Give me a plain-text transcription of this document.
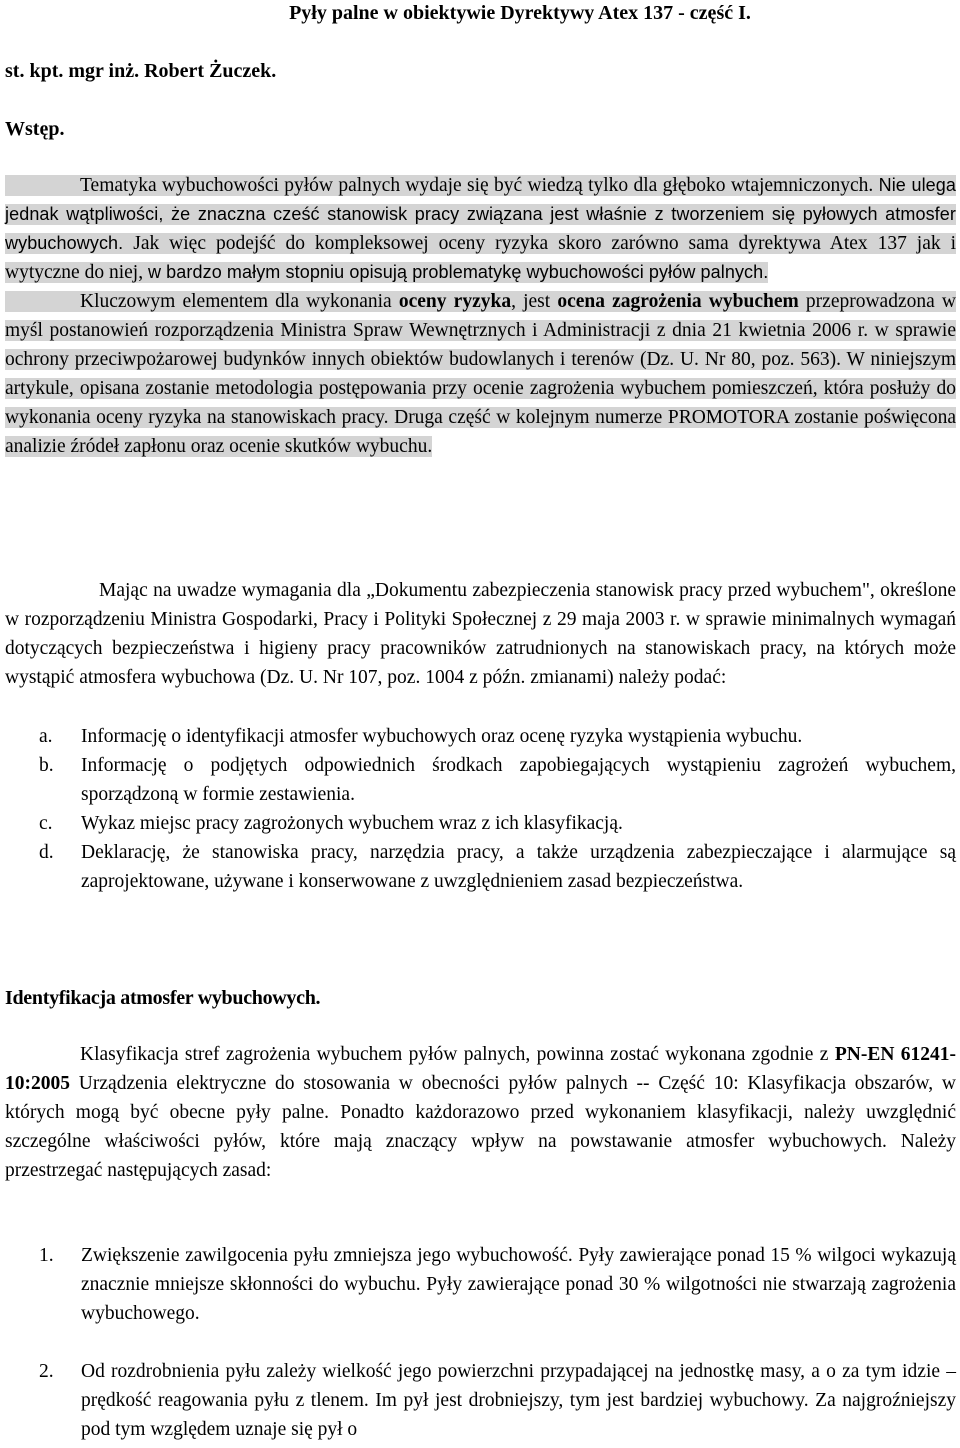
Pyły palne w obiektywie Dyrektywy Atex 137 - część I.

st. kpt. mgr inż. Robert Żuczek.

Wstęp.

Tematyka wybuchowości pyłów palnych wydaje się być wiedzą tylko dla głęboko wtajemniczonych. Nie ulega jednak wątpliwości, że znaczna cześć stanowisk pracy związana jest właśnie z tworzeniem się pyłowych atmosfer wybuchowych. Jak więc podejść do kompleksowej oceny ryzyka skoro zarówno sama dyrektywa Atex 137 jak i wytyczne do niej, w bardzo małym stopniu opisują problematykę wybuchowości pyłów palnych.
Kluczowym elementem dla wykonania oceny ryzyka, jest ocena zagrożenia wybuchem przeprowadzona w myśl postanowień rozporządzenia Ministra Spraw Wewnętrznych i Administracji z dnia 21 kwietnia 2006 r. w sprawie ochrony przeciwpożarowej budynków innych obiektów budowlanych i terenów (Dz. U. Nr 80, poz. 563). W niniejszym artykule, opisana zostanie metodologia postępowania przy ocenie zagrożenia wybuchem pomieszczeń, która posłuży do wykonania oceny ryzyka na stanowiskach pracy. Druga część w kolejnym numerze PROMOTORA zostanie poświęcona analizie źródeł zapłonu oraz ocenie skutków wybuchu.

Mając na uwadze wymagania dla „Dokumentu zabezpieczenia stanowisk pracy przed wybuchem", określone w rozporządzeniu Ministra Gospodarki, Pracy i Polityki Społecznej z 29 maja 2003 r. w sprawie minimalnych wymagań dotyczących bezpieczeństwa i higieny pracy pracowników zatrudnionych na stanowiskach pracy, na których może wystąpić atmosfera wybuchowa (Dz. U. Nr 107, poz. 1004 z późn. zmianami) należy podać:

a. Informację o identyfikacji atmosfer wybuchowych oraz ocenę ryzyka wystąpienia wybuchu.
b. Informację o podjętych odpowiednich środkach zapobiegających wystąpieniu zagrożeń wybuchem, sporządzoną w formie zestawienia.
c. Wykaz miejsc pracy zagrożonych wybuchem wraz z ich klasyfikacją.
d. Deklarację, że stanowiska pracy, narzędzia pracy, a także urządzenia zabezpieczające i alarmujące są zaprojektowane, używane i konserwowane z uwzględnieniem zasad bezpieczeństwa.
Identyfikacja atmosfer wybuchowych.

Klasyfikacja stref zagrożenia wybuchem pyłów palnych, powinna zostać wykonana zgodnie z PN-EN 61241-10:2005 Urządzenia elektryczne do stosowania w obecności pyłów palnych -- Część 10: Klasyfikacja obszarów, w których mogą być obecne pyły palne. Ponadto każdorazowo przed wykonaniem klasyfikacji, należy uwzględnić szczególne właściwości pyłów, które mają znaczący wpływ na powstawanie atmosfer wybuchowych. Należy przestrzegać następujących zasad:

1. Zwiększenie zawilgocenia pyłu zmniejsza jego wybuchowość. Pyły zawierające ponad 15 % wilgoci wykazują znacznie mniejsze skłonności do wybuchu. Pyły zawierające ponad 30 % wilgotności nie stwarzają zagrożenia wybuchowego.
2. Od rozdrobnienia pyłu zależy wielkość jego powierzchni przypadającej na jednostkę masy, a o za tym idzie – prędkość reagowania pyłu z tlenem. Im pył jest drobniejszy, tym jest bardziej wybuchowy. Za najgroźniejszy pod tym względem uznaje się pył o
